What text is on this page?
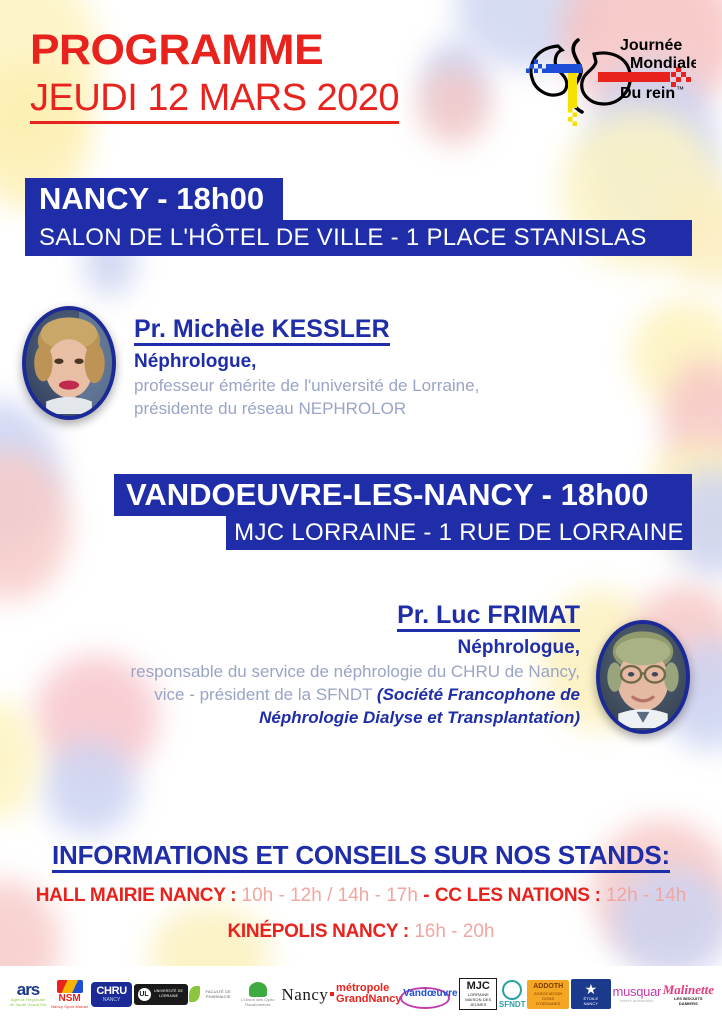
PROGRAMME
JEUDI 12 MARS 2020
Journée
Mondiale
Du rein ™
NANCY - 18h00
SALON DE L'HÔTEL DE VILLE - 1 PLACE STANISLAS
Pr. Michèle KESSLER
Néphrologue,
professeur émérite de l'université de Lorraine,
présidente du réseau NEPHROLOR
VANDOEUVRE-LES-NANCY - 18h00
MJC LORRAINE - 1 RUE DE LORRAINE
Pr. Luc FRIMAT
Néphrologue,
responsable du service de néphrologie du CHRU de Nancy,
vice - président de la SFNDT (Société Francophone de
Néphrologie Dialyse et Transplantation)
INFORMATIONS ET CONSEILS SUR NOS STANDS:
HALL MAIRIE NANCY : 10h - 12h / 14h - 17h - CC LES NATIONS : 12h - 14h
KINÉPOLIS NANCY : 16h - 20h
ars
Agence Régionale de Santé Grand Est
NSM
Nancy Sport Mutuel
CHRU
NANCY
UL	UNIVERSITÉ DE LORRAINE
FACULTÉ DE PHARMACIE	L'Union des Cyclo Randonneurs
Nancy métropole
GrandNancy Vandœuvre
MJC
LORRAINE MAISON DES JEUNES	SFNDT
ADDOTH
ASSOCIATION DONS D'ORGANES
★
ÉTOILE NANCY
musquar
bières artisanales
Malinette
LES BISCUITS DAMIERS
